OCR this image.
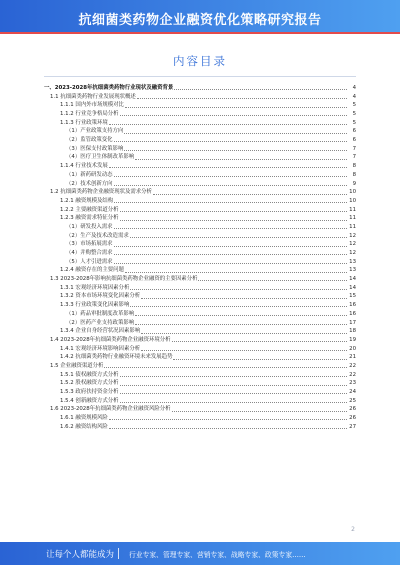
抗细菌类药物企业融资优化策略研究报告
内容目录
一、2023-2028年抗细菌类药物行业现状及融资背景	4
1.1 抗细菌类药物行业发展现状概述	4
1.1.1 国内外市场规模对比	5
1.1.2 行业竞争格局分析	5
1.1.3 行业政策环境	5
（1）产业政策支持方向	6
（2）监管政策变化	6
（3）医保支付政策影响	7
（4）医疗卫生体制改革影响	7
1.1.4 行业技术发展	8
（1）新药研发动态	8
（2）技术创新方向	9
1.2 抗细菌类药物企业融资现状及需求分析	10
1.2.1 融资规模及结构	10
1.2.2 主要融资渠道分析	11
1.2.3 融资需求特征分析	11
（1）研发投入需求	11
（2）生产及技术改造需求	12
（3）市场拓展需求	12
（4）并购整合需求	12
（5）人才引进需求	13
1.2.4 融资存在的主要问题	13
1.3 2023-2028年影响抗细菌类药物企业融资的主要因素分析	14
1.3.1 宏观经济环境因素分析	14
1.3.2 资本市场环境变化因素分析	15
1.3.3 行业政策变化因素影响	16
（1）药品审批制度改革影响	16
（2）医药产业支持政策影响	17
1.3.4 企业自身经营状况因素影响	18
1.4 2023-2028年抗细菌类药物企业融资环境分析	19
1.4.1 宏观经济环境影响因素分析	20
1.4.2 抗细菌类药物行业融资环境未来发展趋势	21
1.5 企业融资渠道分析	22
1.5.1 债权融资方式分析	22
1.5.2 股权融资方式分析	23
1.5.3 政府扶持资金分析	24
1.5.4 创新融资方式分析	25
1.6 2023-2028年抗细菌类药物企业融资风险分析	26
1.6.1 融资规模风险	26
1.6.2 融资结构风险	27
2
让每个人都能成为 行业专家、管理专家、营销专家、战略专家、政策专家……
